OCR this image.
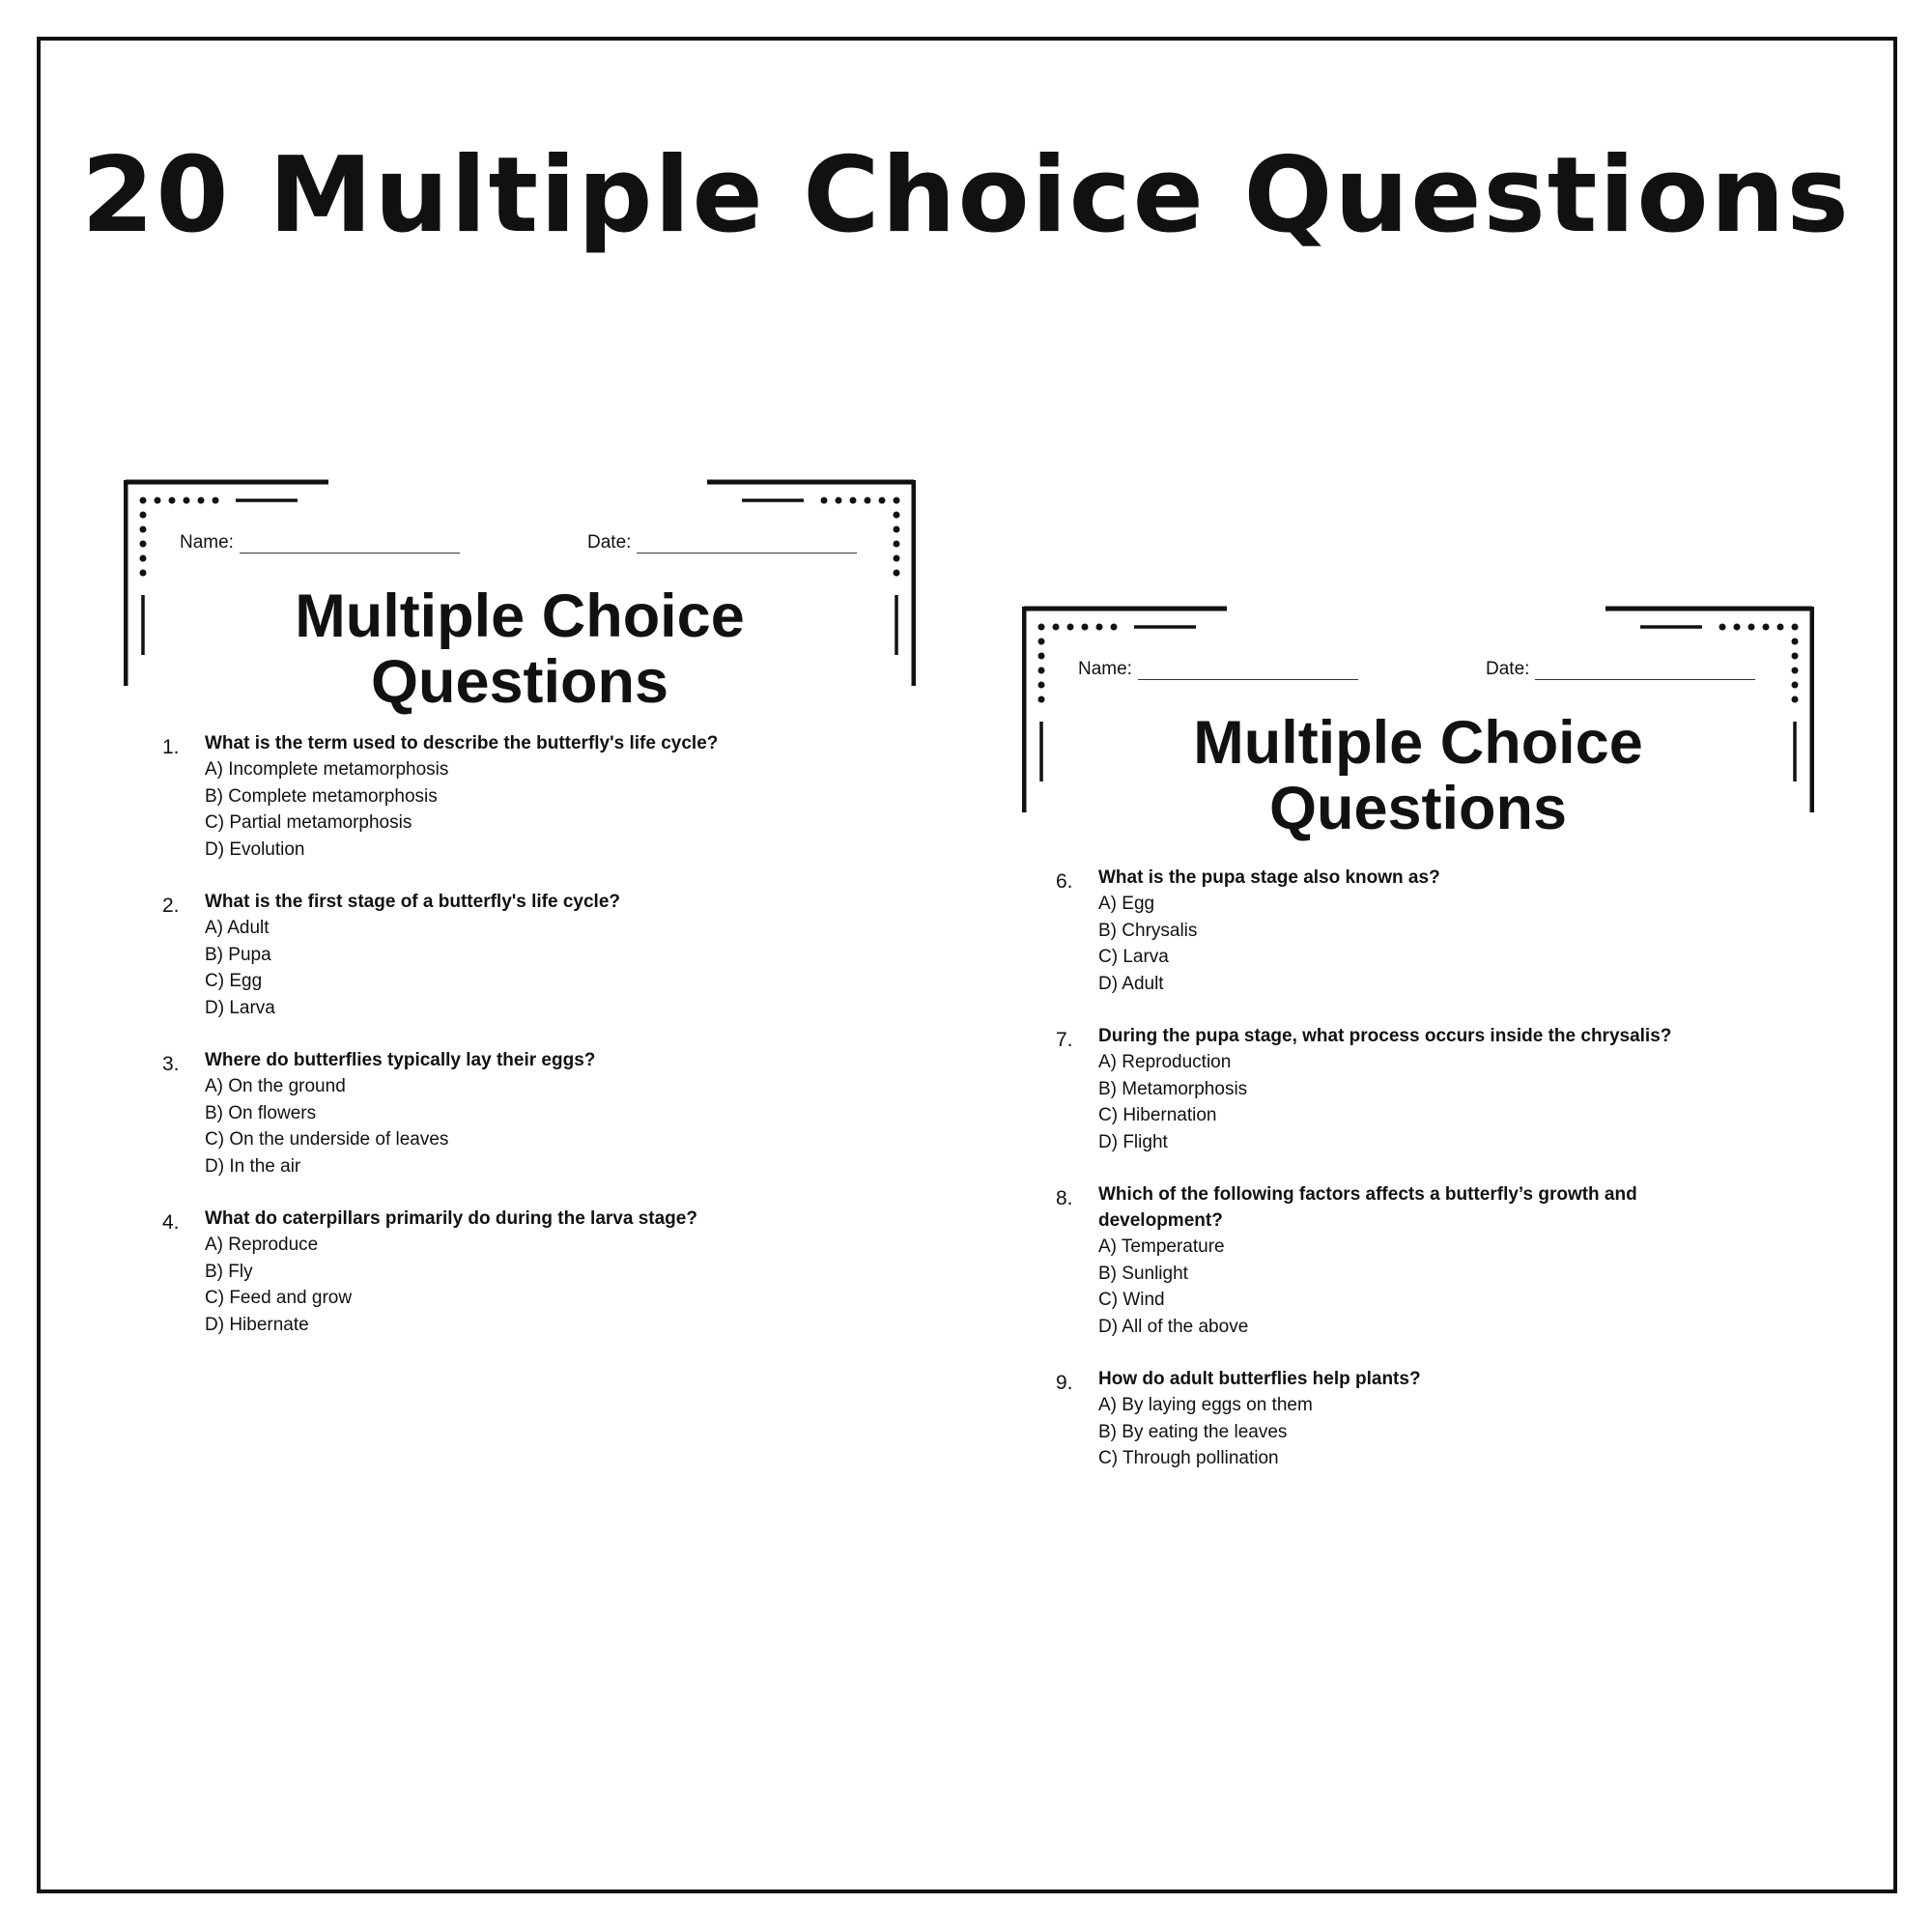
20 Multiple Choice Questions
Name:	Date:
Multiple Choice
Questions
1. What is the term used to describe the butterfly's life cycle?
A) Incomplete metamorphosis
B) Complete metamorphosis
C) Partial metamorphosis
D) Evolution
2. What is the first stage of a butterfly's life cycle?
A) Adult
B) Pupa
C) Egg
D) Larva
3. Where do butterflies typically lay their eggs?
A) On the ground
B) On flowers
C) On the underside of leaves
D) In the air
4. What do caterpillars primarily do during the larva stage?
A) Reproduce
B) Fly
C) Feed and grow
D) Hibernate
Name:	Date:
Multiple Choice
Questions
6. What is the pupa stage also known as?
A) Egg
B) Chrysalis
C) Larva
D) Adult
7. During the pupa stage, what process occurs inside the chrysalis?
A) Reproduction
B) Metamorphosis
C) Hibernation
D) Flight
8. Which of the following factors affects a butterfly’s growth and development?
A) Temperature
B) Sunlight
C) Wind
D) All of the above
9. How do adult butterflies help plants?
A) By laying eggs on them
B) By eating the leaves
C) Through pollination
